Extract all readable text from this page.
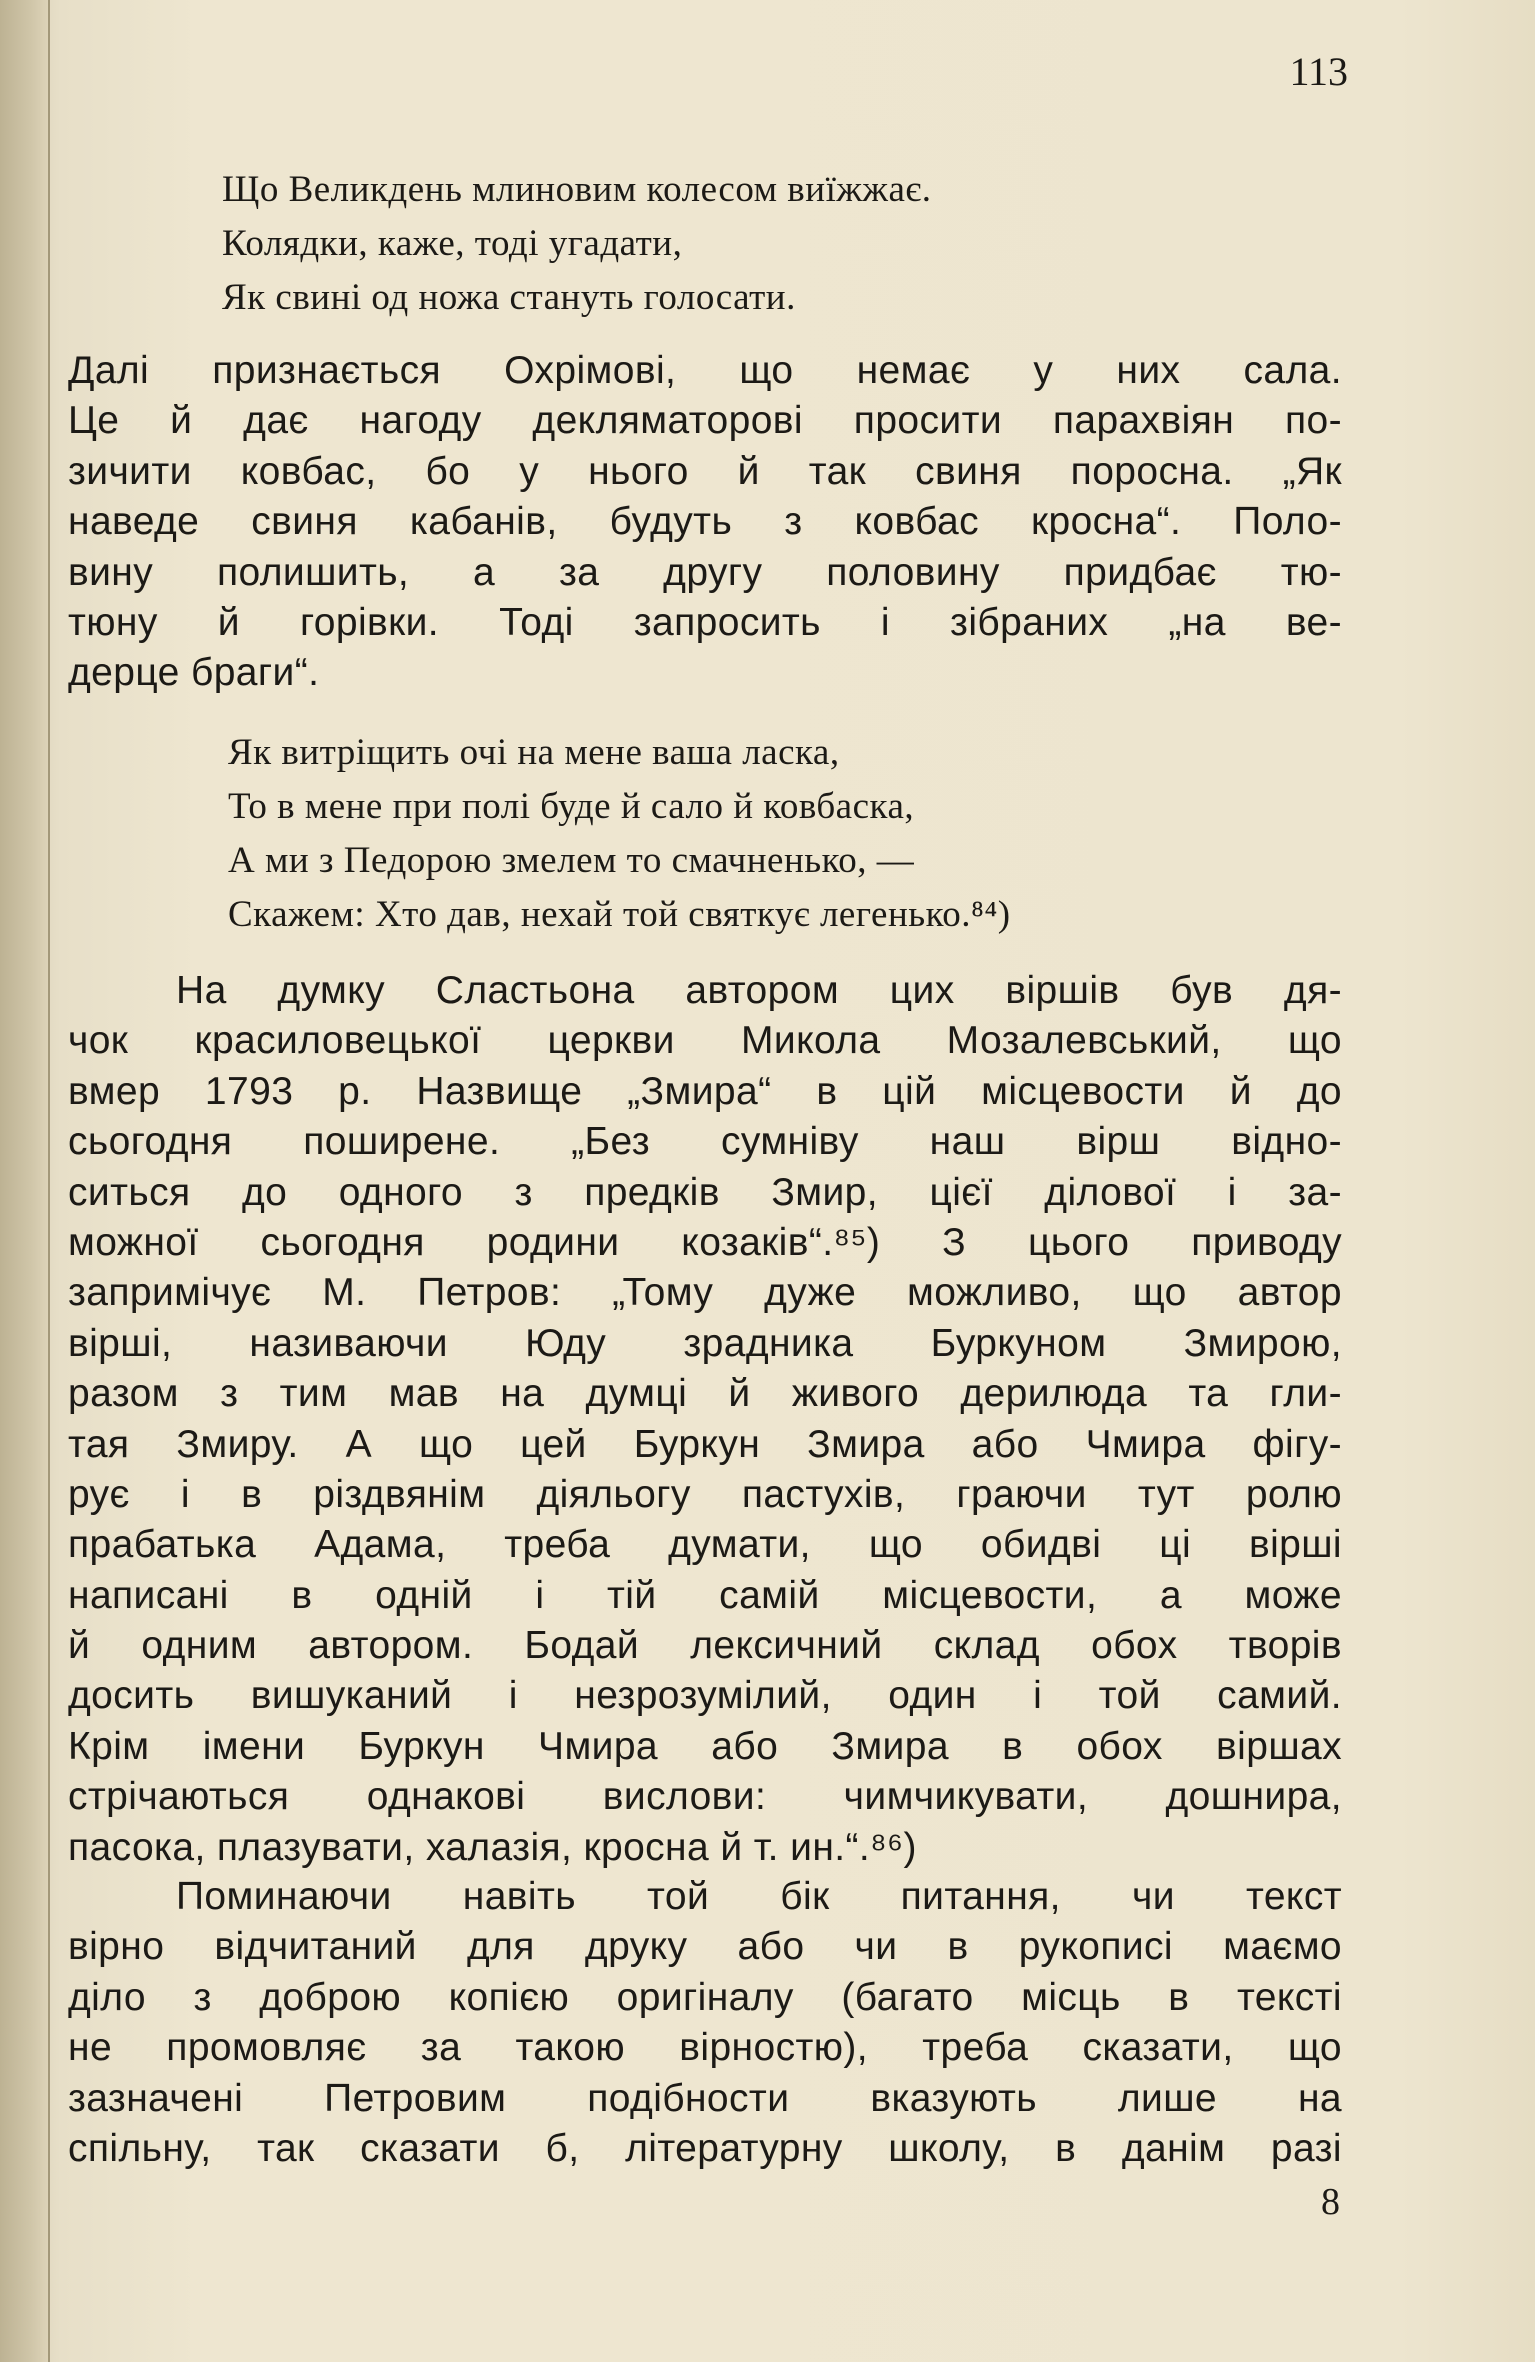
113
Що Великдень млиновим колесом виїжжає.
Колядки, каже, тоді угадати,
Як свині од ножа стануть голосати.
Далі признається Охрімові, що немає у них сала.
Це й дає нагоду декляматорові просити парахвіян по-
зичити ковбас, бо у нього й так свиня поросна. „Як
наведе свиня кабанів, будуть з ковбас кросна“. Поло-
вину полишить, а за другу половину придбає тю-
тюну й горівки. Тоді запросить і зібраних „на ве-
дерце браги“.
Як витріщить очі на мене ваша ласка,
То в мене при полі буде й сало й ковбаска,
А ми з Педорою змелем то смачненько, —
Скажем: Хто дав, нехай той святкує легенько.⁸⁴)
На думку Сластьона автором цих віршів був дя-
чок красиловецької церкви Микола Мозалевський, що
вмер 1793 р. Назвище „Змира“ в цій місцевости й до
сьогодня поширене. „Без сумніву наш вірш відно-
ситься до одного з предків Змир, цієї ділової і за-
можної сьогодня родини козаків“.⁸⁵) З цього приводу
запримічує М. Петров: „Тому дуже можливо, що автор
вірші, називаючи Юду зрадника Буркуном Змирою,
разом з тим мав на думці й живого дерилюда та гли-
тая Змиру. А що цей Буркун Змира або Чмира фігу-
рує і в різдвянім діяльогу пастухів, граючи тут ролю
прабатька Адама, треба думати, що обидві ці вірші
написані в одній і тій самій місцевости, а може
й одним автором. Бодай лексичний склад обох творів
досить вишуканий і незрозумілий, один і той самий.
Крім імени Буркун Чмира або Змира в обох віршах
стрічаються однакові вислови: чимчикувати, дошнира,
пасока, плазувати, халазія, кросна й т. ин.“.⁸⁶)
Поминаючи навіть той бік питання, чи текст
вірно відчитаний для друку або чи в рукописі маємо
діло з доброю копією оригіналу (багато місць в тексті
не промовляє за такою вірностю), треба сказати, що
зазначені Петровим подібности вказують лише на
спільну, так сказати б, літературну школу, в данім разі
8
